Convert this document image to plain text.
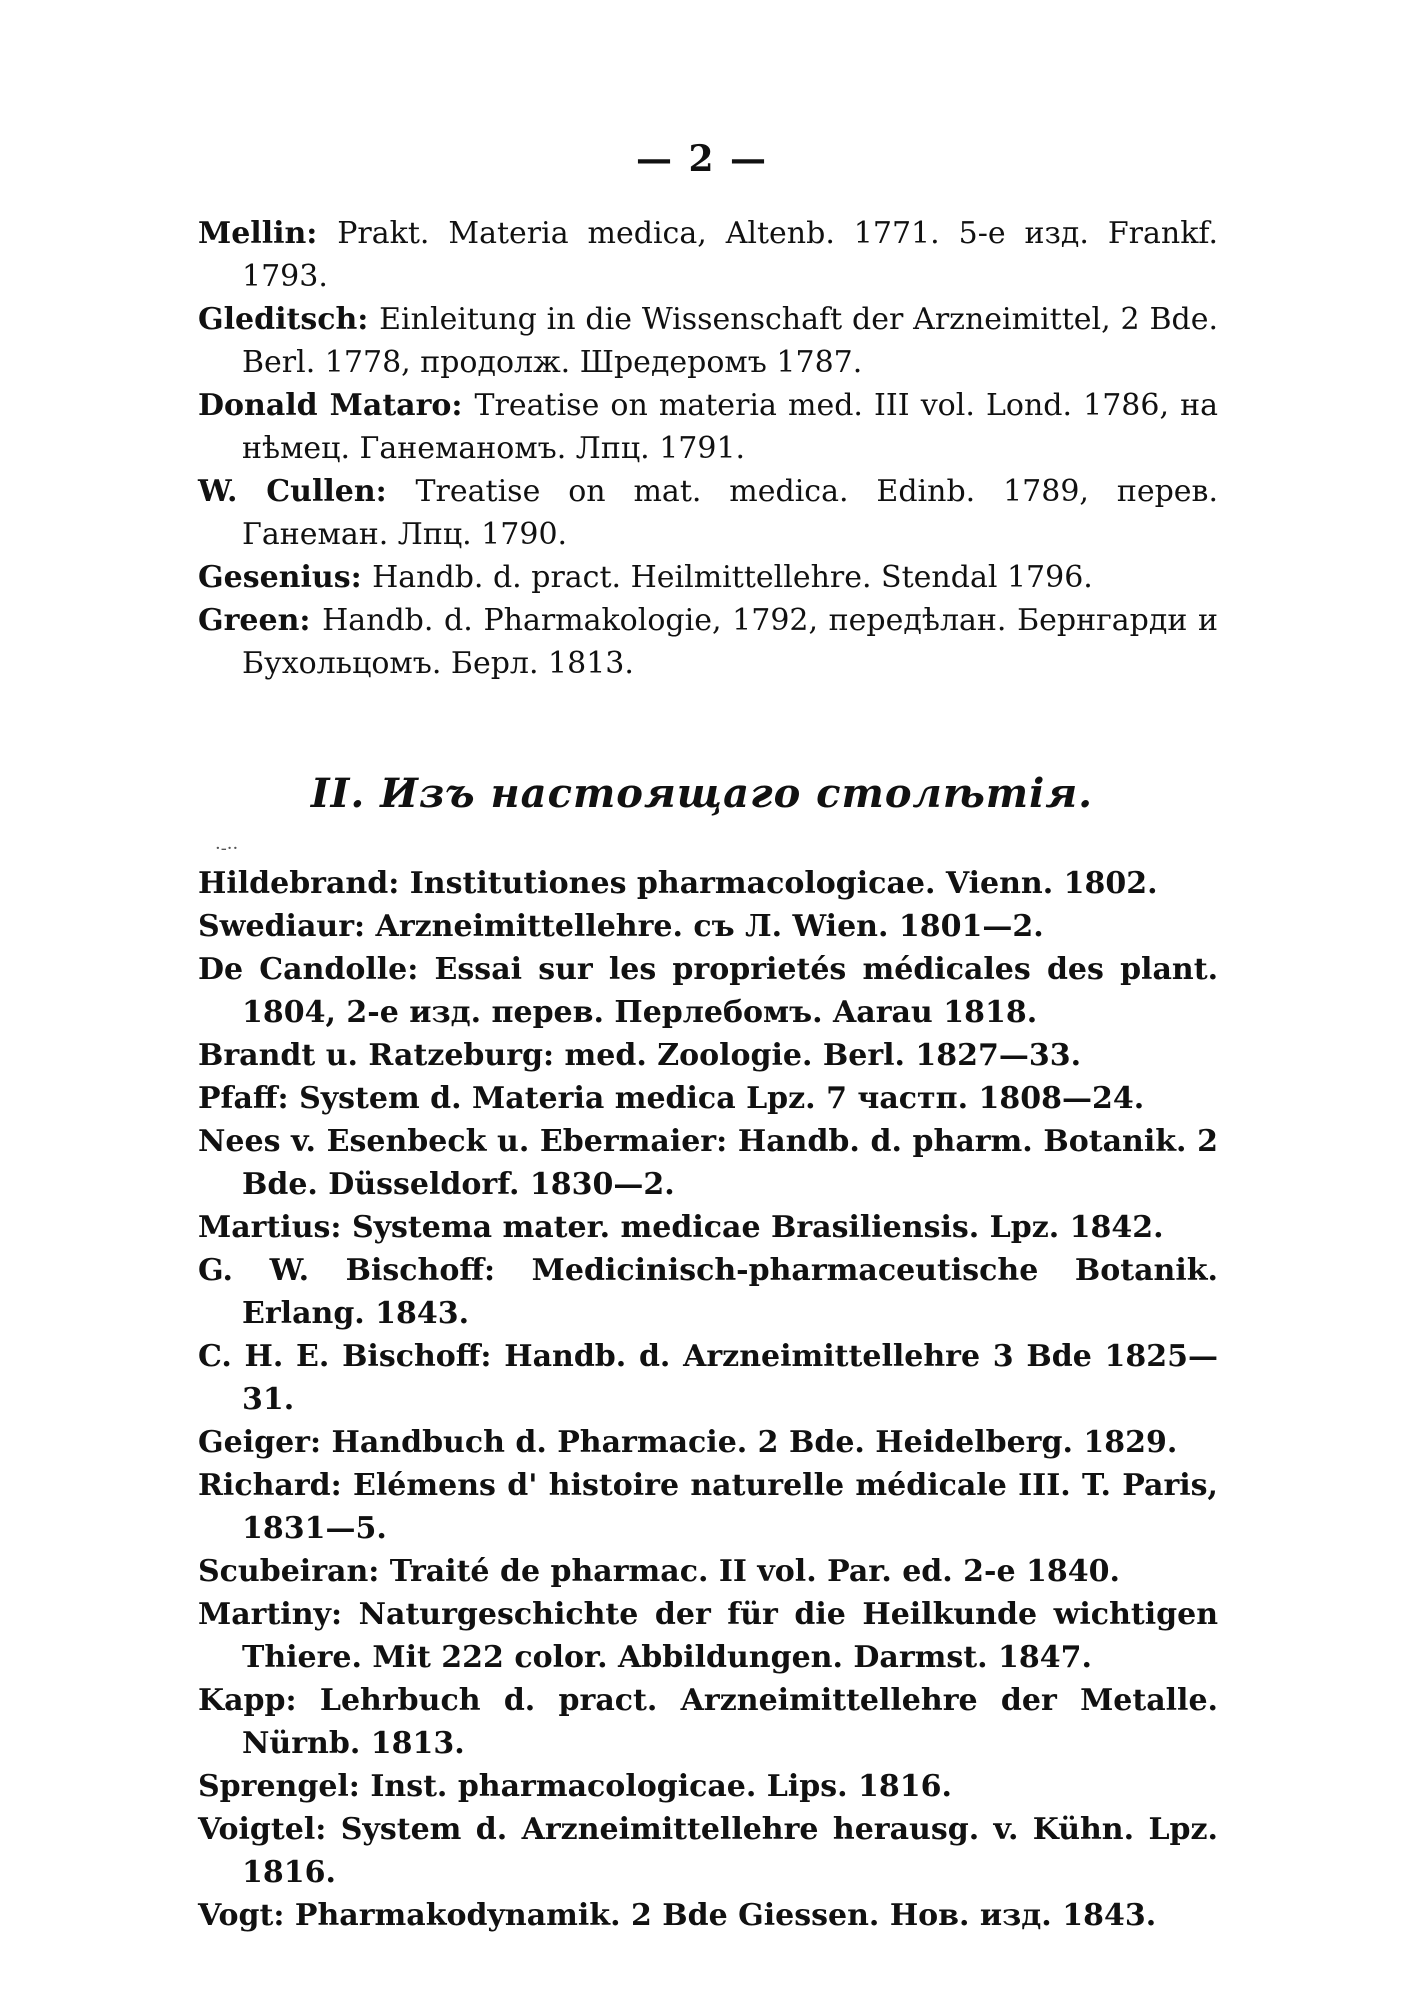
— 2 —

Mellin: Prakt. Materia medica, Altenb. 1771. 5-е изд. Frankf. 1793.

Gleditsch: Einleitung in die Wissenschaft der Arzneimittel, 2 Bde. Berl. 1778, продолж. Шредеромъ 1787.

Donald Mataro: Treatise on materia med. III vol. Lond. 1786, на нѣмец. Ганеманомъ. Лпц. 1791.

W. Cullen: Treatise on mat. medica. Edinb. 1789, перев. Ганеман. Лпц. 1790.

Gesenius: Handb. d. pract. Heilmittellehre. Stendal 1796.

Green: Handb. d. Pharmakologie, 1792, передѣлан. Бернгарди и Бухольцомъ. Берл. 1813.

II. Изъ настоящаго столѣтія.
·-··

Hildebrand: Institutiones pharmacologicae. Vienn. 1802.

Swediaur: Arzneimittellehre. съ Л. Wien. 1801—2.

De Candolle: Essai sur les proprietés médicales des plant. 1804, 2-е изд. перев. Перлебомъ. Aarau 1818.

Brandt u. Ratzeburg: med. Zoologie. Berl. 1827—33.

Pfaff: System d. Materia medica Lpz. 7 частп. 1808—24.

Nees v. Esenbeck u. Ebermaier: Handb. d. pharm. Botanik. 2 Bde. Düsseldorf. 1830—2.

Martius: Systema mater. medicae Brasiliensis. Lpz. 1842.

G. W. Bischoff: Medicinisch-pharmaceutische Botanik. Erlang. 1843.

C. H. E. Bischoff: Handb. d. Arzneimittellehre 3 Bde 1825—31.

Geiger: Handbuch d. Pharmacie. 2 Bde. Heidelberg. 1829.

Richard: Elémens d' histoire naturelle médicale III. T. Paris, 1831—5.

Scubeiran: Traité de pharmac. II vol. Par. ed. 2-е 1840.

Martiny: Naturgeschichte der für die Heilkunde wichtigen Thiere. Mit 222 color. Abbildungen. Darmst. 1847.

Kapp: Lehrbuch d. pract. Arzneimittellehre der Metalle. Nürnb. 1813.

Sprengel: Inst. pharmacologicae. Lips. 1816.

Voigtel: System d. Arzneimittellehre herausg. v. Kühn. Lpz. 1816.

Vogt: Pharmakodynamik. 2 Bde Giessen. Нов. изд. 1843.
